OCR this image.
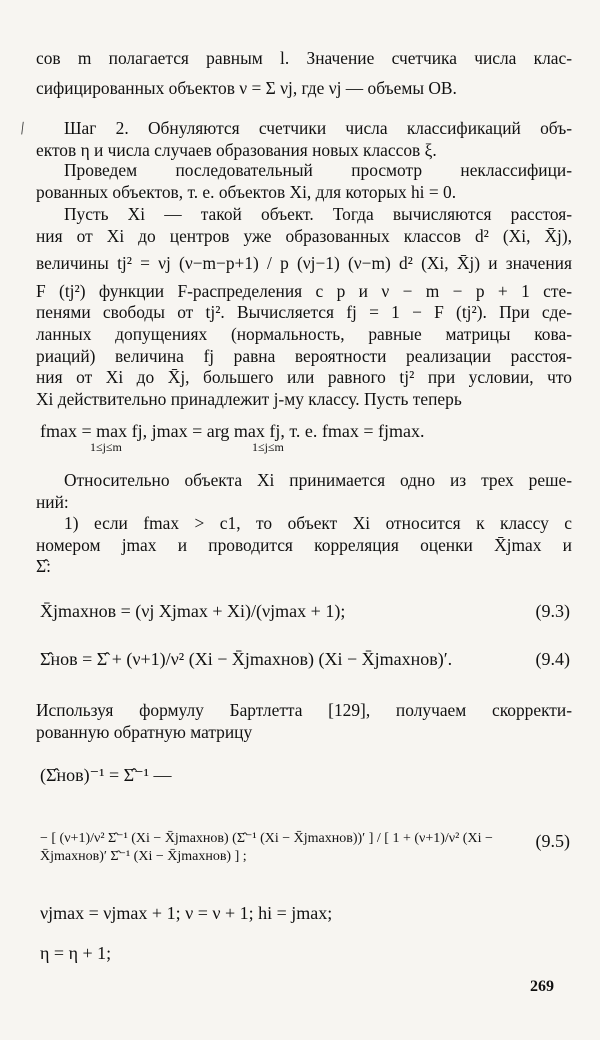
сов m полагается равным l. Значение счетчика числа клас-
сифицированных объектов ν = Σ νj, где νj — объемы ОВ.
/	Шаг 2. Обнуляются счетчики числа классификаций объ-
ектов η и числа случаев образования новых классов ξ.
Проведем последовательный просмотр неклассифици-
рованных объектов, т. е. объектов Xi, для которых hi = 0.
Пусть Xi — такой объект. Тогда вычисляются расстоя-
ния от Xi до центров уже образованных классов d² (Xi, X̄j),
величины tj² = νj (ν−m−p+1) / p (νj−1) (ν−m) d² (Xi, X̄j) и значения
F (tj²) функции F-распределения с p и ν − m − p + 1 сте-
пенями свободы от tj². Вычисляется fj = 1 − F (tj²). При сде-
ланных допущениях (нормальность, равные матрицы кова-
риаций) величина fj равна вероятности реализации расстоя-
ния от Xi до X̄j, большего или равного tj² при условии, что
Xi действительно принадлежит j-му классу. Пусть теперь
fmax = max fj, jmax = arg max fj, т. е. fmax = fjmax.
1≤j≤m	1≤j≤m
Относительно объекта Xi принимается одно из трех реше-
ний:
1) если fmax > c1, то объект Xi относится к классу с
номером jmax и проводится корреляция оценки X̄jmax и
Σ̂:
X̄jmaxнов = (νj Xjmax + Xi)/(νjmax + 1);	(9.3)
Σ̂нов = Σ̂ + (ν+1)/ν² (Xi − X̄jmaxнов) (Xi − X̄jmaxнов)′.	(9.4)
Используя формулу Бартлетта [129], получаем скорректи-
рованную обратную матрицу
(Σ̂нов)⁻¹ = Σ̂⁻¹ —
− [ (ν+1)/ν² Σ̂⁻¹ (Xi − X̄jmaxнов) (Σ̂⁻¹ (Xi − X̄jmaxнов))′ ] / [ 1 + (ν+1)/ν² (Xi − X̄jmaxнов)′ Σ̂⁻¹ (Xi − X̄jmaxнов) ] ;
(9.5)
νjmax = νjmax + 1; ν = ν + 1; hi = jmax;
η = η + 1;
269
